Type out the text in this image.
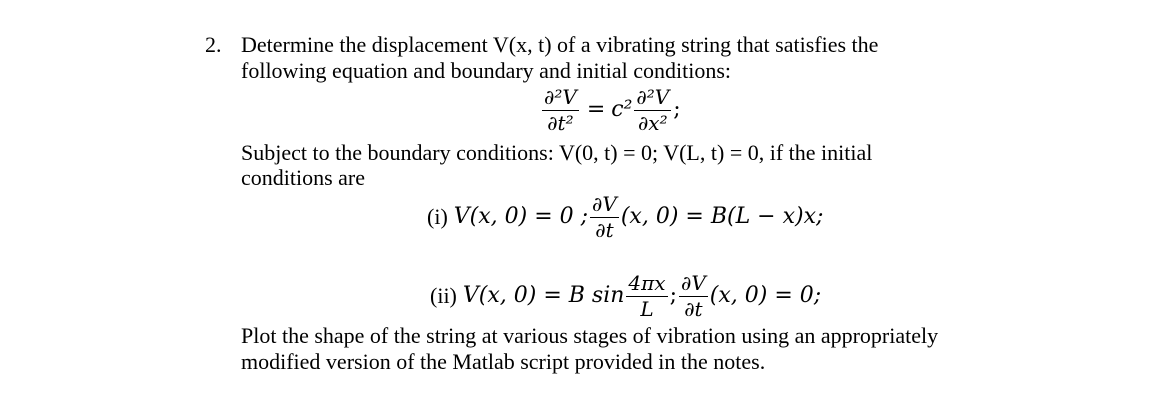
2. Determine the displacement V(x, t) of a vibrating string that satisfies the
following equation and boundary and initial conditions:
$\frac{\text{∂²V}}{\text{∂t²}} = c^2 \frac{\text{∂²V}}{\text{∂x²}}$ ;
Subject to the boundary conditions: V(0, t) = 0; V(L, t) = 0, if the initial
conditions are
(i) V(x, 0) = 0 ; $\frac{\partial V}{\partial t} (x$, 0) = B(L − x)x;
(ii) V(x, 0) = B $\sin \frac{4\pi x}{L}$ ; $\frac{\partial V}{\partial t} (x$, 0) = 0;
Plot the shape of the string at various stages of vibration using an appropriately
modified version of the Matlab script provided in the notes.
